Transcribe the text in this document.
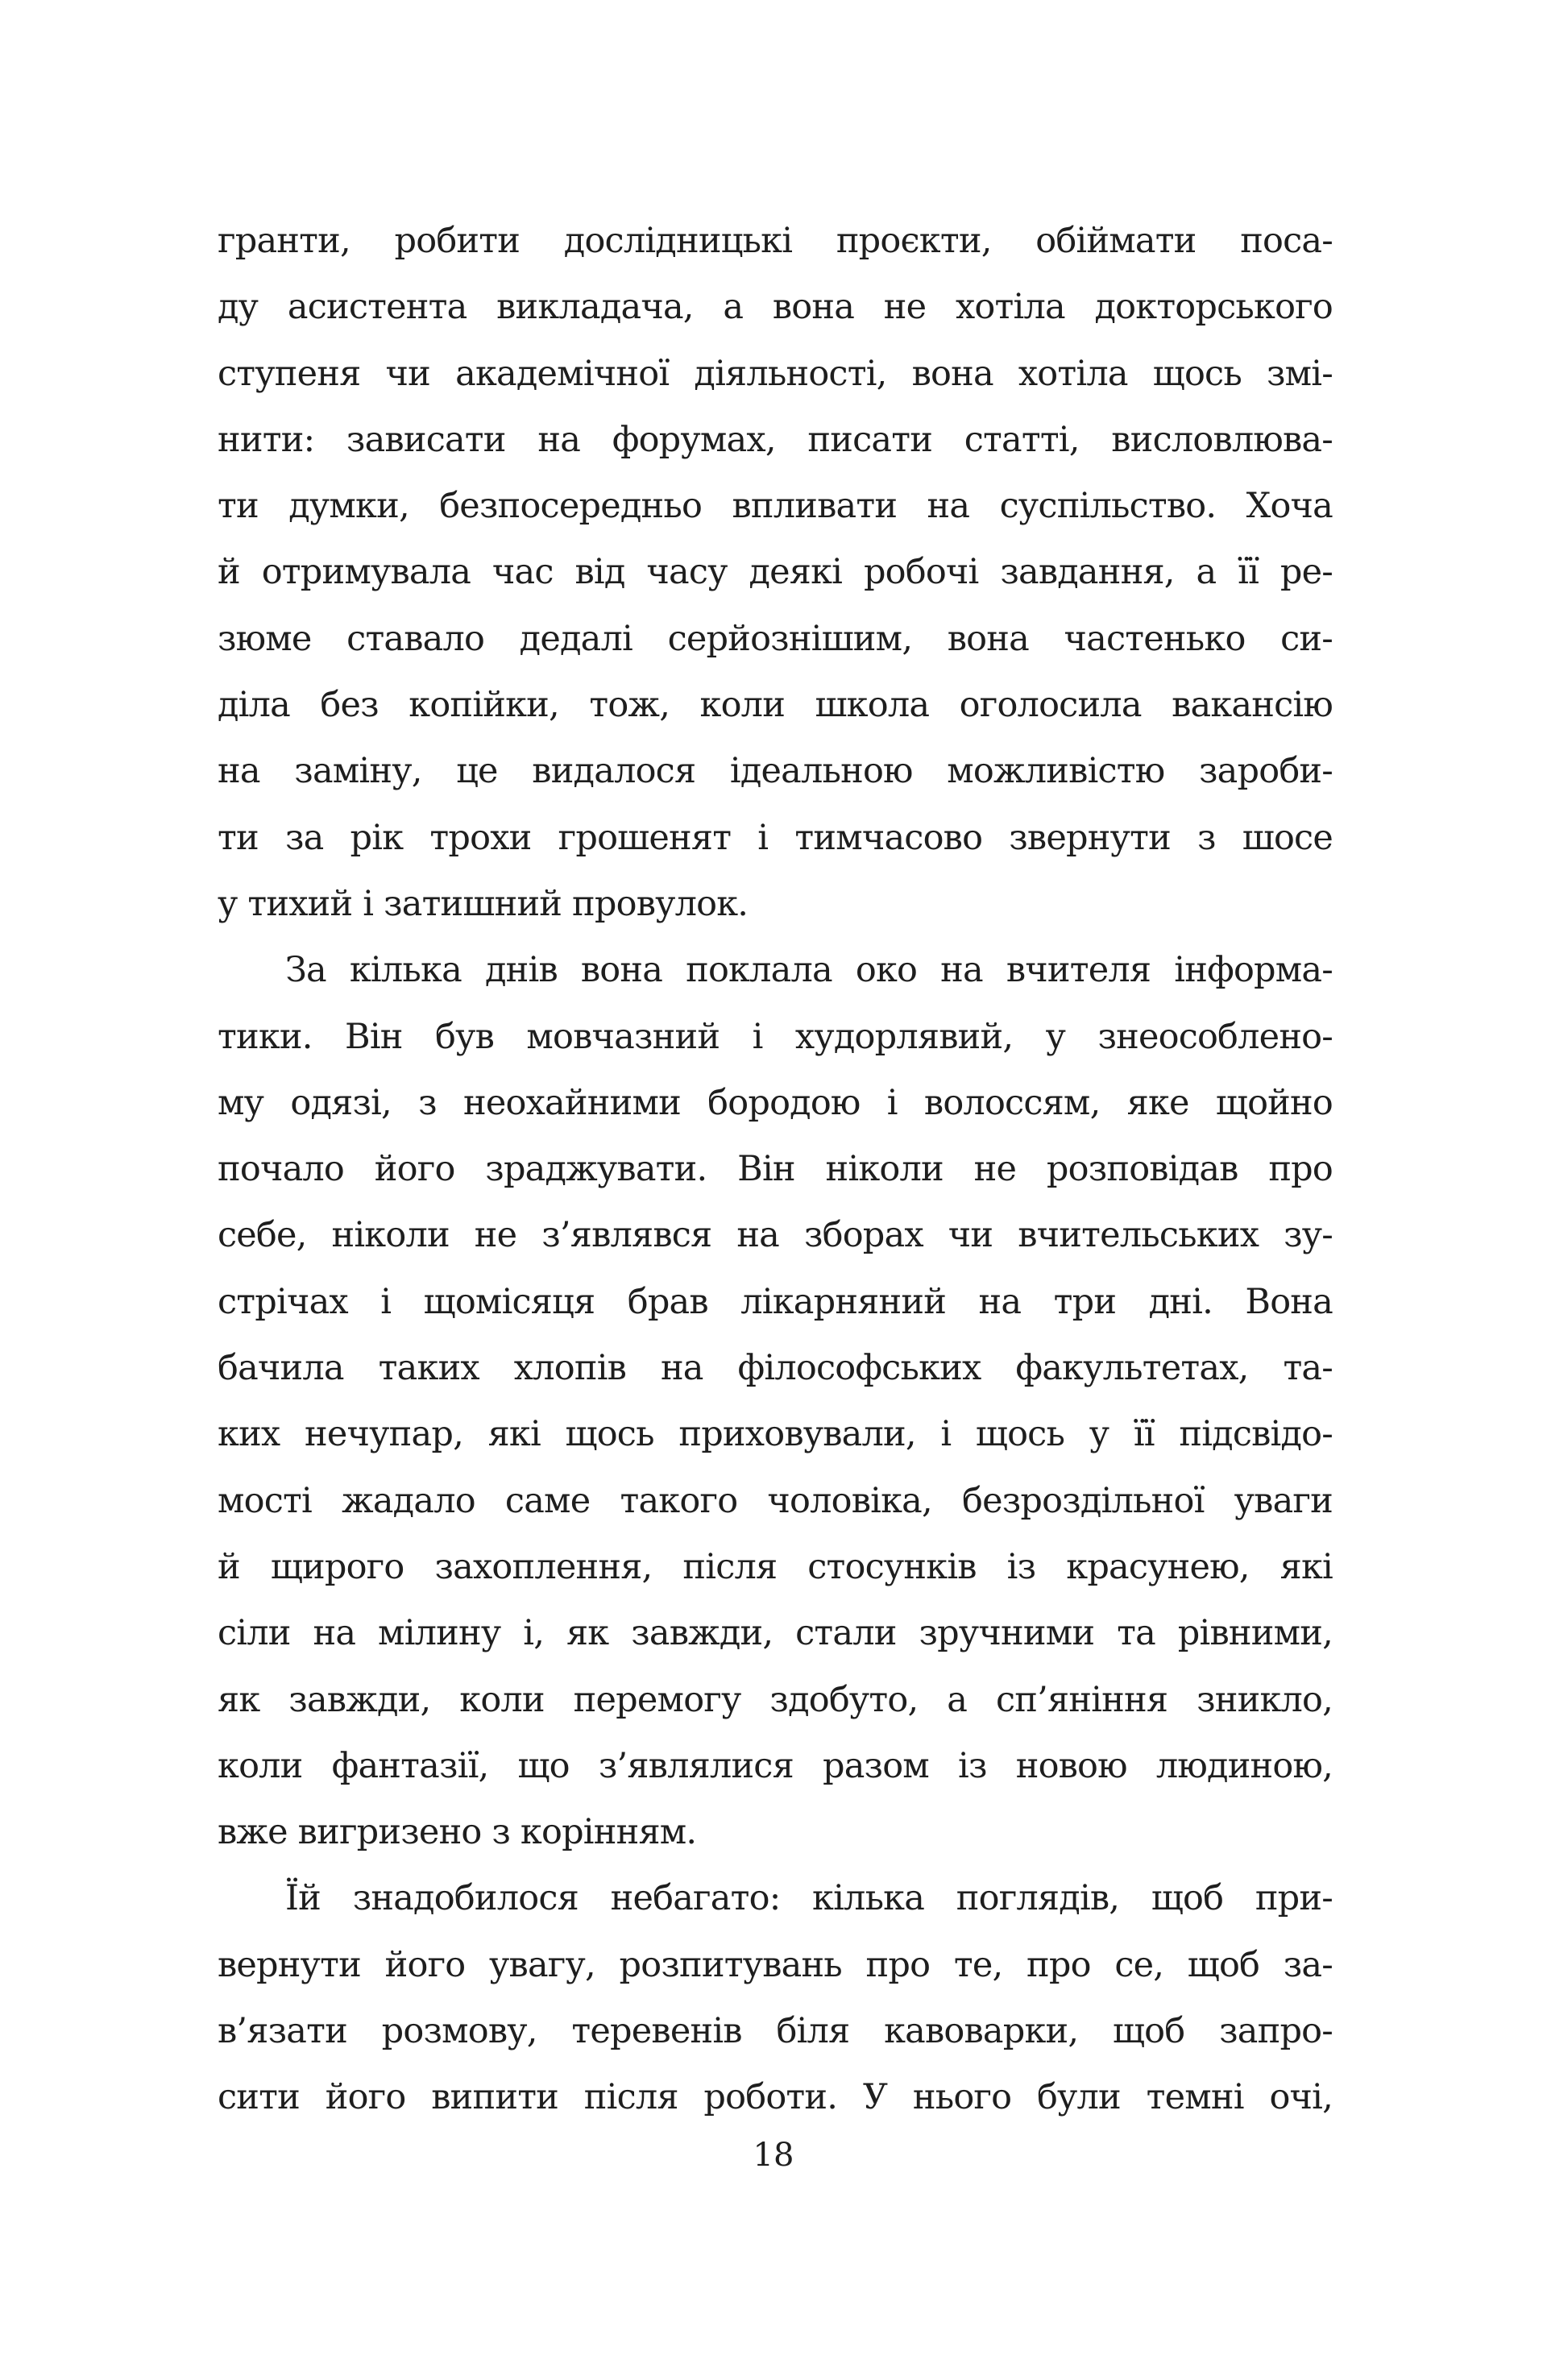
гранти, робити дослідницькі проєкти, обіймати поса-
ду асистента викладача, а вона не хотіла докторського
ступеня чи академічної діяльності, вона хотіла щось змі-
нити: зависати на форумах, писати статті, висловлюва-
ти думки, безпосередньо впливати на суспільство. Хоча
й отримувала час від часу деякі робочі завдання, а її ре-
зюме ставало дедалі серйознішим, вона частенько си-
діла без копійки, тож, коли школа оголосила вакансію
на заміну, це видалося ідеальною можливістю зароби-
ти за рік трохи грошенят і тимчасово звернути з шосе
у тихий і затишний провулок.
За кілька днів вона поклала око на вчителя інформа-
тики. Він був мовчазний і худорлявий, у знеособлено-
му одязі, з неохайними бородою і волоссям, яке щойно
почало його зраджувати. Він ніколи не розповідав про
себе, ніколи не з’являвся на зборах чи вчительських зу-
стрічах і щомісяця брав лікарняний на три дні. Вона
бачила таких хлопів на філософських факультетах, та-
ких нечупар, які щось приховували, і щось у її підсвідо-
мості жадало саме такого чоловіка, безроздільної уваги
й щирого захоплення, після стосунків із красунею, які
сіли на мілину і, як завжди, стали зручними та рівними,
як завжди, коли перемогу здобуто, а сп’яніння зникло,
коли фантазії, що з’являлися разом із новою людиною,
вже вигризено з корінням.
Їй знадобилося небагато: кілька поглядів, щоб при-
вернути його увагу, розпитувань про те, про се, щоб за-
в’язати розмову, теревенів біля кавоварки, щоб запро-
сити його випити після роботи. У нього були темні очі,
18
